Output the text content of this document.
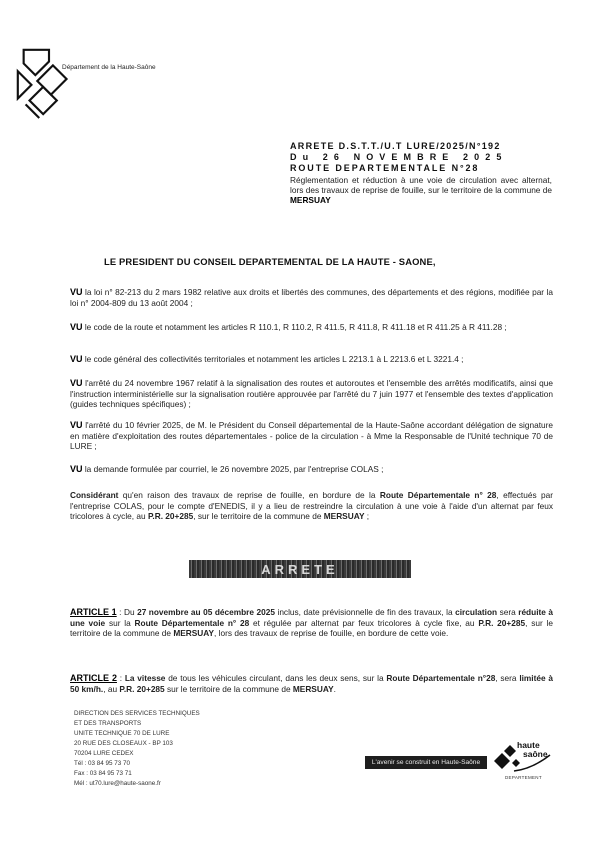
Département de la Haute-Saône
ARRETE D.S.T.T./U.T LURE/2025/N°192
Du 26 NOVEMBRE 2025
ROUTE DEPARTEMENTALE N°28
Réglementation et réduction à une voie de circulation avec alternat, lors des travaux de reprise de fouille, sur le territoire de la commune de MERSUAY
LE PRESIDENT DU CONSEIL DEPARTEMENTAL DE LA HAUTE - SAONE,
VU la loi n° 82-213 du 2 mars 1982 relative aux droits et libertés des communes, des départements et des régions, modifiée par la loi n° 2004-809 du 13 août 2004 ;
VU le code de la route et notamment les articles R 110.1, R 110.2, R 411.5, R 411.8, R 411.18 et R 411.25 à R 411.28 ;
VU le code général des collectivités territoriales et notamment les articles L 2213.1 à L 2213.6 et L 3221.4 ;
VU l'arrêté du 24 novembre 1967 relatif à la signalisation des routes et autoroutes et l'ensemble des arrêtés modificatifs, ainsi que l'instruction interministérielle sur la signalisation routière approuvée par l'arrêté du 7 juin 1977 et l'ensemble des textes d'application (guides techniques spécifiques) ;
VU l'arrêté du 10 février 2025, de M. le Président du Conseil départemental de la Haute-Saône accordant délégation de signature en matière d'exploitation des routes départementales - police de la circulation - à Mme la Responsable de l'Unité technique 70 de LURE ;
VU la demande formulée par courriel, le 26 novembre 2025, par l'entreprise COLAS ;
Considérant qu'en raison des travaux de reprise de fouille, en bordure de la Route Départementale n° 28, effectués par l'entreprise COLAS, pour le compte d'ENEDIS, il y a lieu de restreindre la circulation à une voie à l'aide d'un alternat par feux tricolores à cycle, au P.R. 20+285, sur le territoire de la commune de MERSUAY ;
ARRETE
ARTICLE 1 : Du 27 novembre au 05 décembre 2025 inclus, date prévisionnelle de fin des travaux, la circulation sera réduite à une voie sur la Route Départementale n° 28 et régulée par alternat par feux tricolores à cycle fixe, au P.R. 20+285, sur le territoire de la commune de MERSUAY, lors des travaux de reprise de fouille, en bordure de cette voie.
ARTICLE 2 : La vitesse de tous les véhicules circulant, dans les deux sens, sur la Route Départementale n°28, sera limitée à 50 km/h., au P.R. 20+285 sur le territoire de la commune de MERSUAY.
DIRECTION DES SERVICES TECHNIQUES
ET DES TRANSPORTS
UNITE TECHNIQUE 70 DE LURE
20 RUE DES CLOSEAUX - BP 103
70204 LURE CEDEX
Tél : 03 84 95 73 70
Fax : 03 84 95 73 71
Mél : ut70.lure@haute-saone.fr
L'avenir se construit en Haute-Saône
haute
saône
DEPARTEMENT
